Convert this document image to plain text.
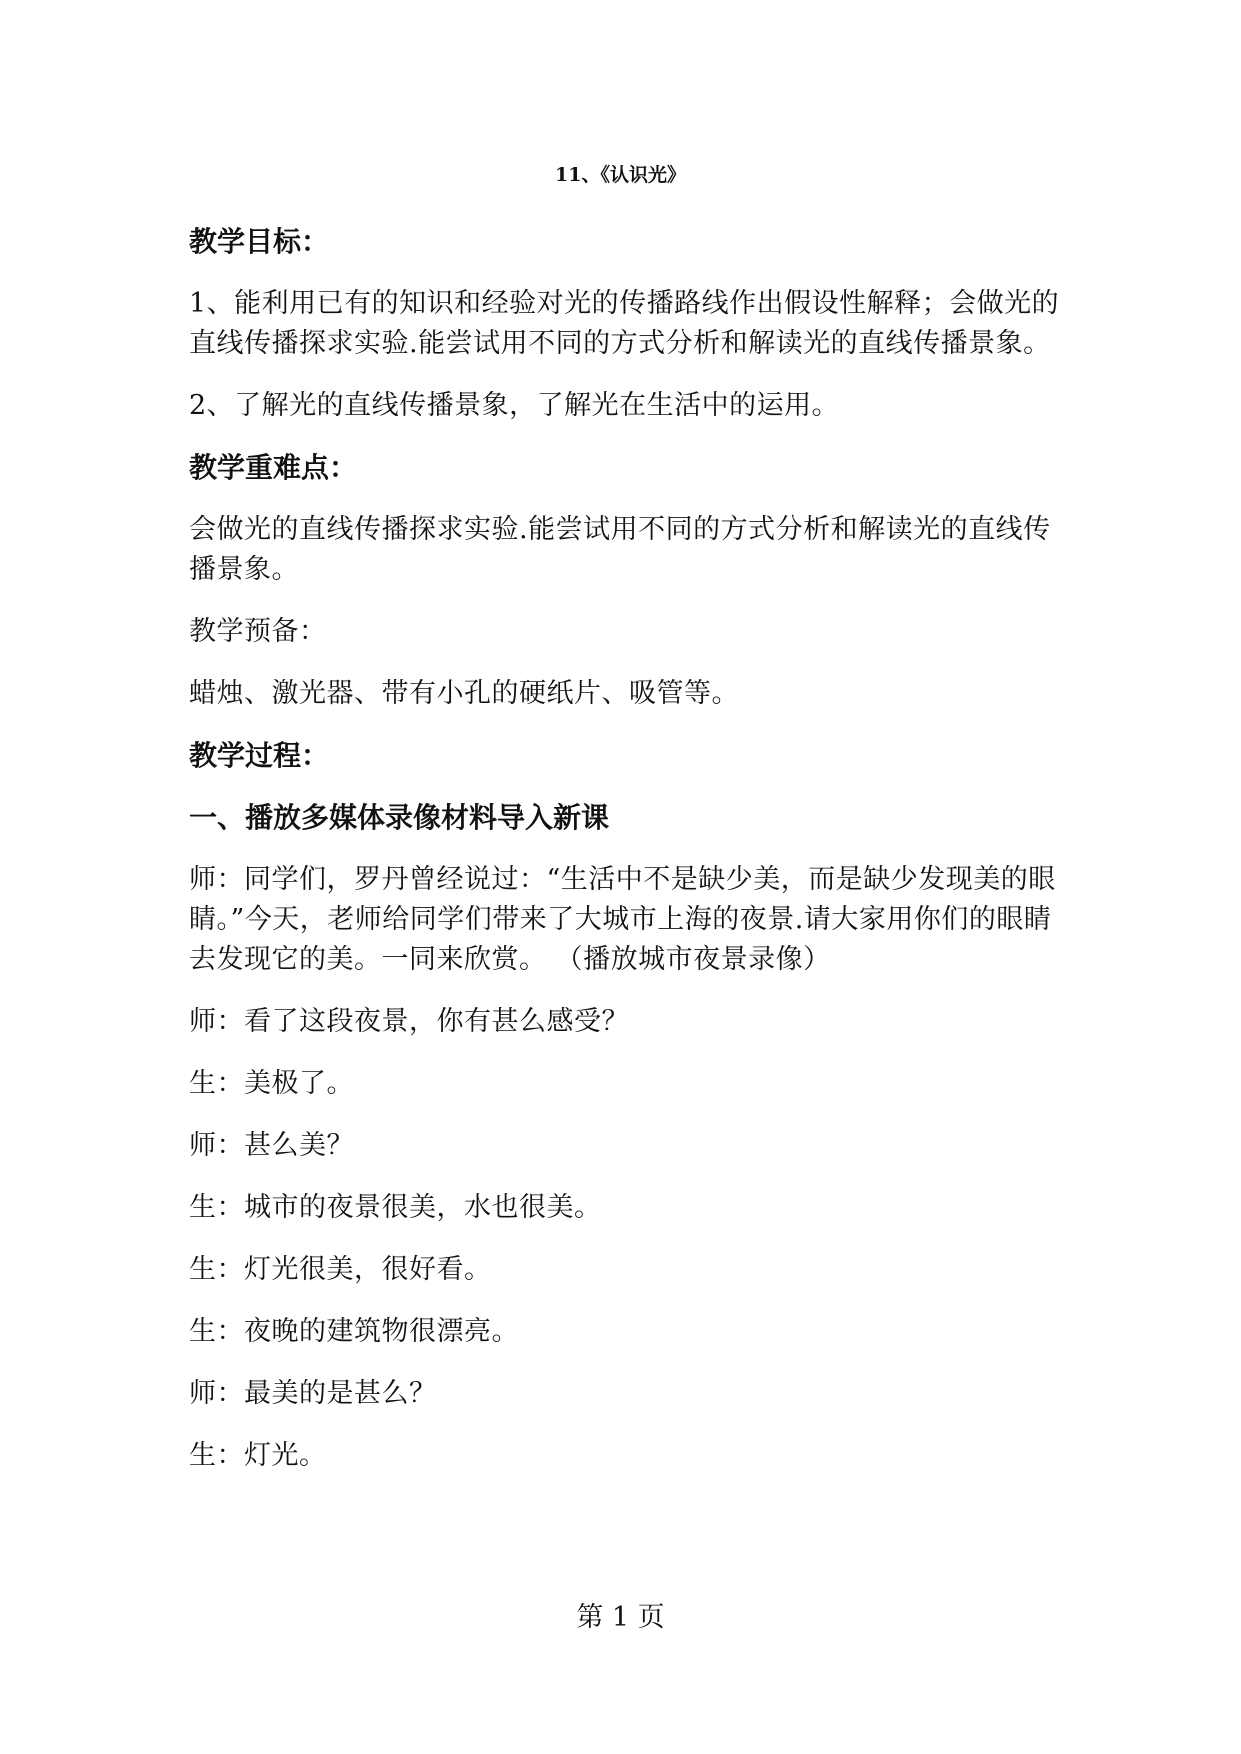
11、《认识光》
教学目标：
1、能利用已有的知识和经验对光的传播路线作出假设性解释；会做光的直线传播探求实验.能尝试用不同的方式分析和解读光的直线传播景象。
2、了解光的直线传播景象，了解光在生活中的运用。
教学重难点：
会做光的直线传播探求实验.能尝试用不同的方式分析和解读光的直线传播景象。
教学预备：
蜡烛、激光器、带有小孔的硬纸片、吸管等。
教学过程：
一、播放多媒体录像材料导入新课
师：同学们，罗丹曾经说过：“生活中不是缺少美，而是缺少发现美的眼睛。”今天，老师给同学们带来了大城市上海的夜景.请大家用你们的眼睛去发现它的美。一同来欣赏。 （播放城市夜景录像）
师：看了这段夜景，你有甚么感受？
生：美极了。
师：甚么美？
生：城市的夜景很美，水也很美。
生：灯光很美，很好看。
生：夜晚的建筑物很漂亮。
师：最美的是甚么？
生：灯光。
第 1 页
